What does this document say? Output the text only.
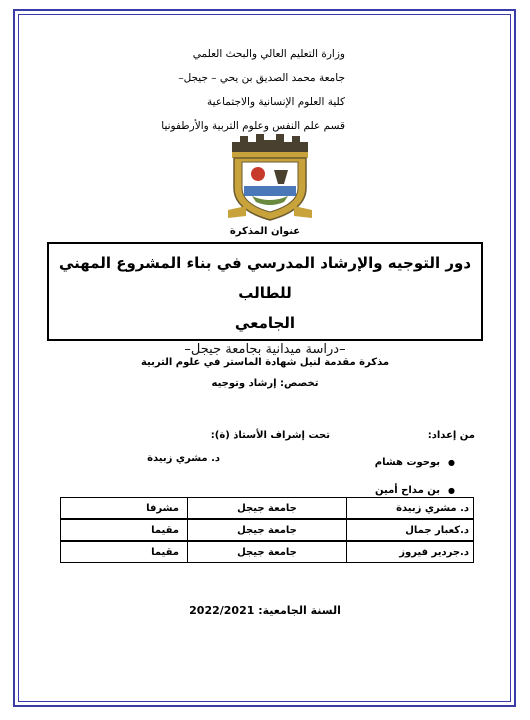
وزارة التعليم العالي والبحث العلمي
جامعة محمد الصديق بن يحي – جيجل–
كلية العلوم الإنسانية والاجتماعية
قسم علم النفس وعلوم التربية والأرطفونيا
عنوان المذكرة
دور التوجيه والإرشاد المدرسي في بناء المشروع المهني للطالب
الجامعي
–دراسة ميدانية بجامعة جيجل–
مذكرة مقدمة لنيل شهادة الماستر في علوم التربية
تخصص: إرشاد وتوجيه
من إعداد:
تحت إشراف الأستاذ (ة):
●بوحوت هشام
●بن مداح أمين
د. مشري زبيدة
د. مشري زبيدة	جامعة جيجل	مشرفا
د.كعبار جمال	جامعة جيجل	مقيما
د.جردير فيروز	جامعة جيجل	مقيما
السنة الجامعية: 2022/2021
